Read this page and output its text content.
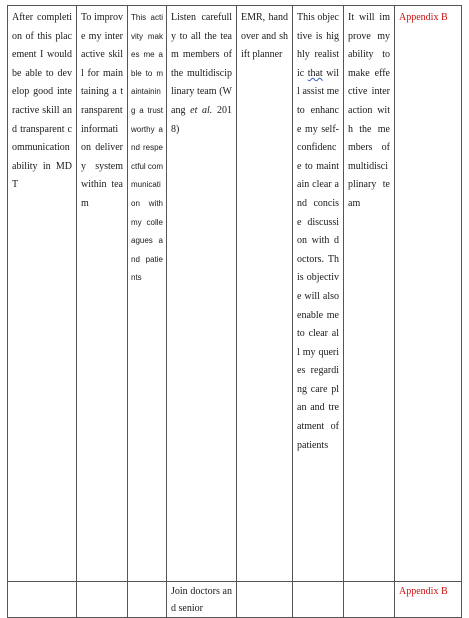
After completion of this placement I would be able to develop good interactive skill and transparent communication ability in MDT	To improve my interactive skill for maintaining a transparent information delivery system within team	This activity makes me able to maintaining a trustworthy and respectful communication with my colleagues and patients	Listen carefully to all the team members of the multidisciplinary team (Wang et al. 2018)	EMR, handover and shift planner	This objective is highly realistic that will assist me to enhance my self-confidence to maintain clear and concise discussion with doctors. This objective will also enable me to clear all my queries regarding care plan and treatment of patients	It will improve my ability to make effective interaction with the members of multidisciplinary team	Appendix B

			Join doctors and senior				Appendix B
